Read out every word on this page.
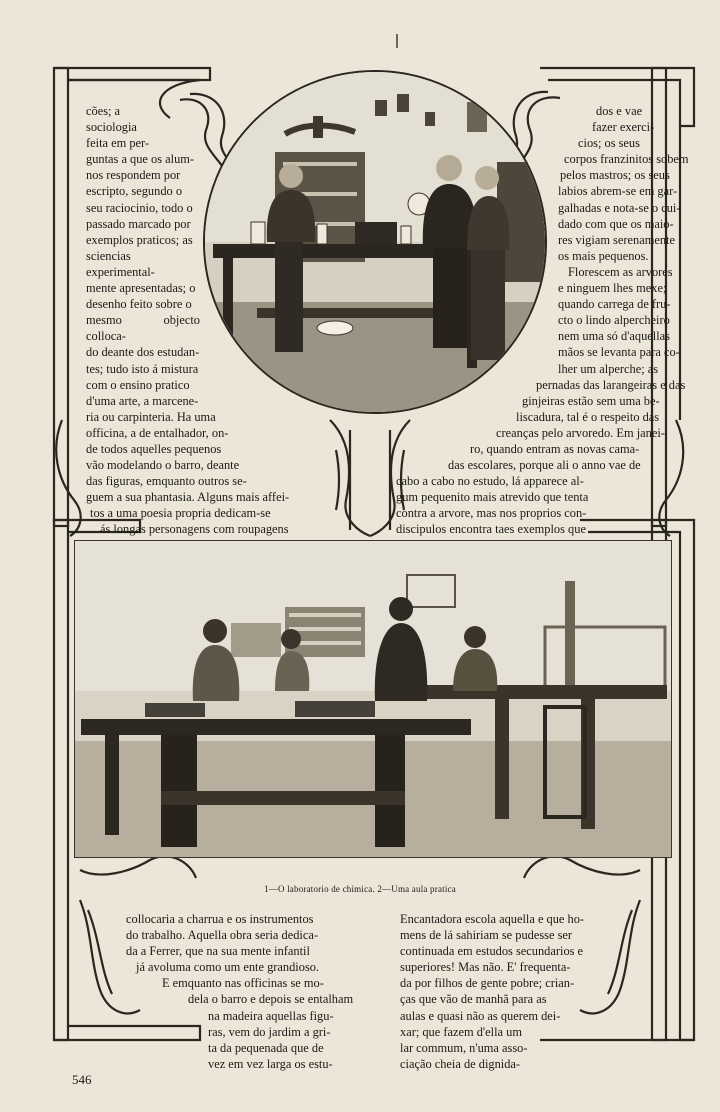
cões; a

sociologia

feita em per-

guntas a que os alum-

nos respondem por

escripto, segundo o

seu raciocinio, todo o

passado marcado por

exemplos praticos; as

sciencias experimental-

mente apresentadas; o

desenho feito sobre o

mesmo objecto colloca-

do deante dos estudan-

tes; tudo isto á mistura

com o ensino pratico

d'uma arte, a marcene-

ria ou carpinteria. Ha uma

officina, a de entalhador, on-

de todos aquelles pequenos

vão modelando o barro, deante

das figuras, emquanto outros se-

guem a sua phantasia. Alguns mais affei-

tos a uma poesia propria dedicam-se

ás longas personagens com roupagens

dos e vae

fazer exerci-

cios; os seus

corpos franzinitos sobem

pelos mastros; os seus

labios abrem-se em gar-

galhadas e nota-se o cui-

dado com que os maio-

res vigiam serenamente

os mais pequenos.

Florescem as arvores

e ninguem lhes mexe;

quando carrega de fru-

cto o lindo alpercheiro

nem uma só d'aquellas

mãos se levanta para co-

lher um alperche; as

pernadas das larangeiras e das

ginjeiras estão sem uma be-

liscadura, tal é o respeito das

creanças pelo arvoredo. Em janei-

ro, quando entram as novas cama-

das escolares, porque ali o anno vae de

cabo a cabo no estudo, lá apparece al-

gum pequenito mais atrevido que tenta

contra a arvore, mas nos proprios con-

discipulos encontra taes exemplos que

1—O laboratorio de chimica. 2—Uma aula pratica

collocaria a charrua e os instrumentos

do trabalho. Aquella obra seria dedica-

da a Ferrer, que na sua mente infantil

já avoluma como um ente grandioso.

E emquanto nas officinas se mo-

dela o barro e depois se entalham

na madeira aquellas figu-

ras, vem do jardim a gri-

ta da pequenada que de

vez em vez larga os estu-

Encantadora escola aquella e que ho-

mens de lá sahiriam se pudesse ser

continuada em estudos secundarios e

superiores! Mas não. E' frequenta-

da por filhos de gente pobre; crian-

ças que vão de manhã para as

aulas e quasi não as querem dei-

xar; que fazem d'ella um

lar commum, n'uma asso-

ciação cheia de dignida-

546
